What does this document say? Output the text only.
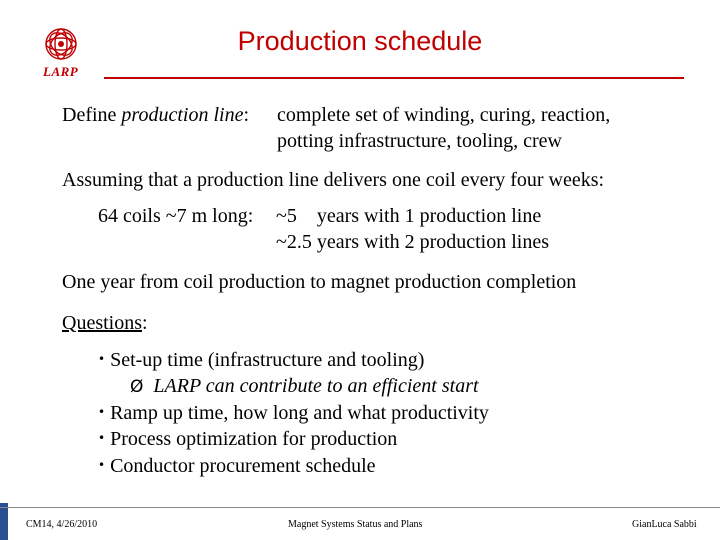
LARP
Production schedule
Define production line: complete set of winding, curing, reaction,
potting infrastructure, tooling, crew
Assuming that a production line delivers one coil every four weeks:
64 coils ~7 m long: ~5    years with 1 production line
~2.5 years with 2 production lines
One year from coil production to magnet production completion
Questions:
• Set-up time (infrastructure and tooling)
Ø LARP can contribute to an efficient start
• Ramp up time, how long and what productivity
• Process optimization for production
• Conductor procurement schedule
CM14, 4/26/2010	Magnet Systems Status and Plans	GianLuca Sabbi
